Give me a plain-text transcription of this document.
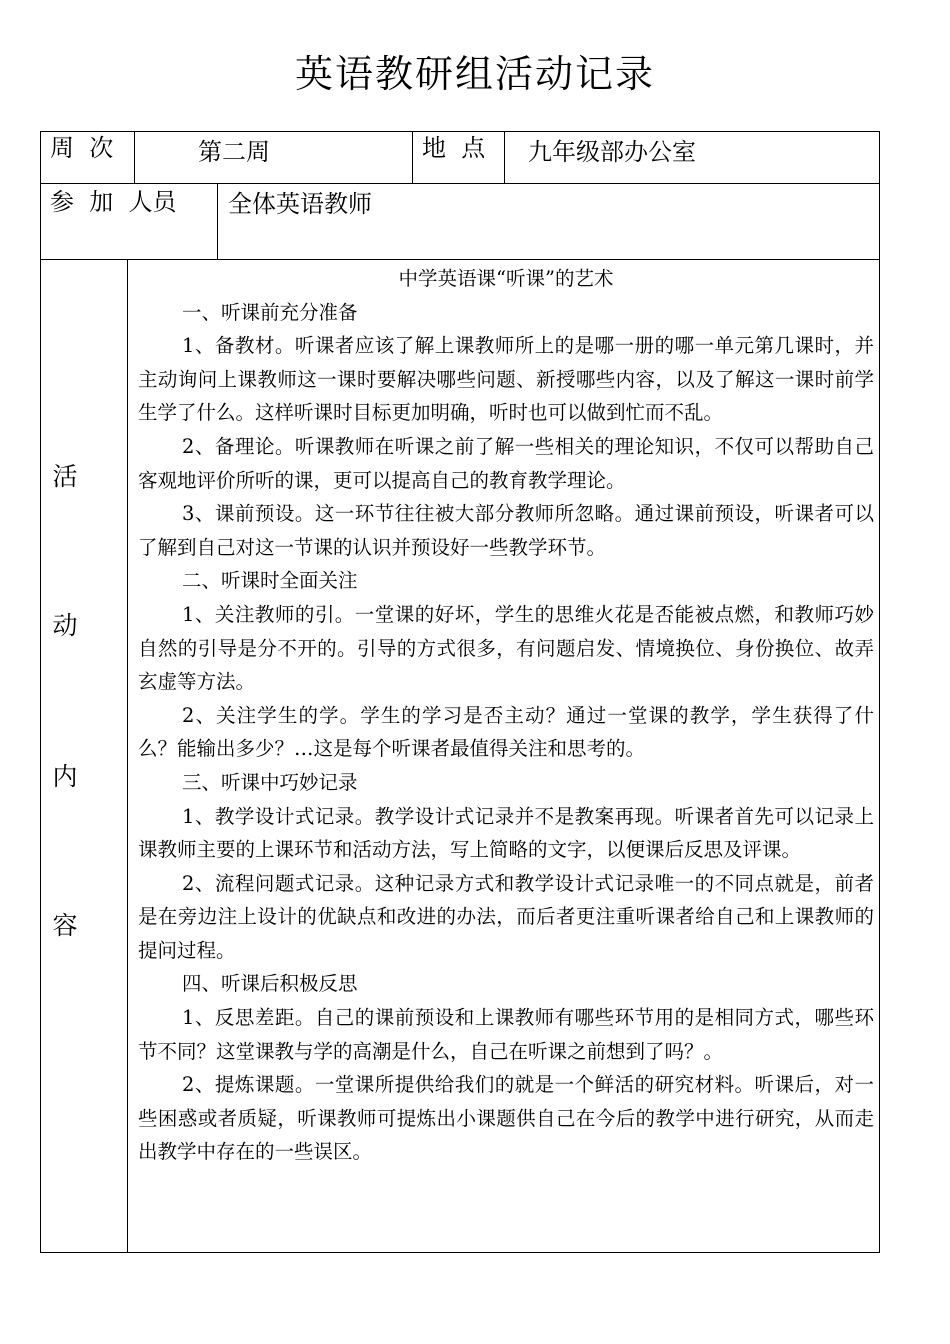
英语教研组活动记录
周  次	第二周	地  点 九年级部办公室
参  加  人员 全体英语教师
活
动
内
容

中学英语课“听课”的艺术

一、听课前充分准备

1、备教材。听课者应该了解上课教师所上的是哪一册的哪一单元第几课时，并主动询问上课教师这一课时要解决哪些问题、新授哪些内容，以及了解这一课时前学生学了什么。这样听课时目标更加明确，听时也可以做到忙而不乱。

2、备理论。听课教师在听课之前了解一些相关的理论知识，不仅可以帮助自己客观地评价所听的课，更可以提高自己的教育教学理论。

3、课前预设。这一环节往往被大部分教师所忽略。通过课前预设，听课者可以了解到自己对这一节课的认识并预设好一些教学环节。

二、听课时全面关注

1、关注教师的引。一堂课的好坏，学生的思维火花是否能被点燃，和教师巧妙自然的引导是分不开的。引导的方式很多，有问题启发、情境换位、身份换位、故弄玄虚等方法。

2、关注学生的学。学生的学习是否主动？通过一堂课的教学，学生获得了什么？能输出多少？…这是每个听课者最值得关注和思考的。

三、听课中巧妙记录

1、教学设计式记录。教学设计式记录并不是教案再现。听课者首先可以记录上课教师主要的上课环节和活动方法，写上简略的文字，以便课后反思及评课。

2、流程问题式记录。这种记录方式和教学设计式记录唯一的不同点就是，前者是在旁边注上设计的优缺点和改进的办法，而后者更注重听课者给自己和上课教师的提问过程。

四、听课后积极反思

1、反思差距。自己的课前预设和上课教师有哪些环节用的是相同方式，哪些环节不同？这堂课教与学的高潮是什么，自己在听课之前想到了吗？。

2、提炼课题。一堂课所提供给我们的就是一个鲜活的研究材料。听课后，对一些困惑或者质疑，听课教师可提炼出小课题供自己在今后的教学中进行研究，从而走出教学中存在的一些误区。
